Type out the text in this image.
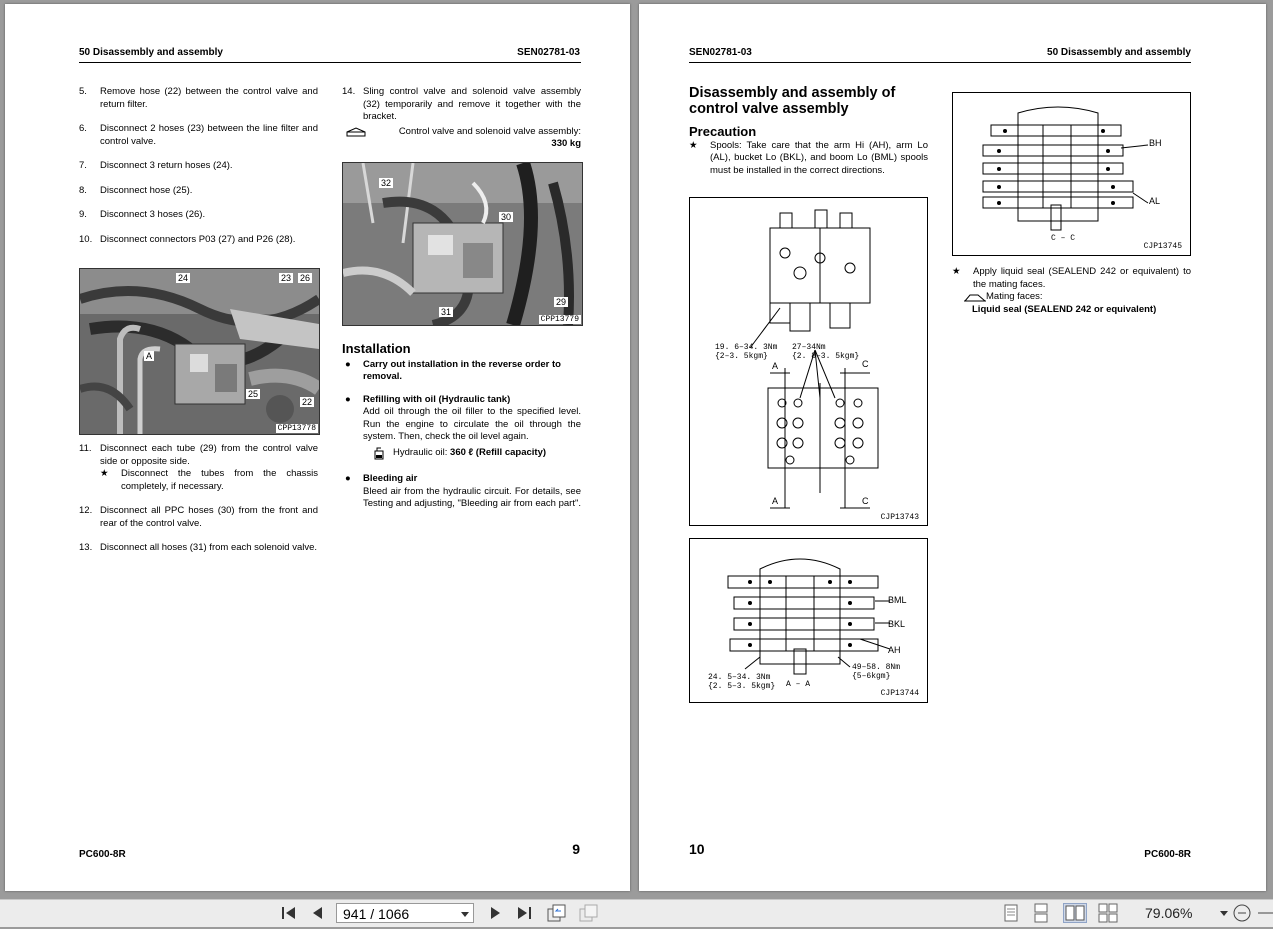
50 Disassembly and assembly	SEN02781-03
5. Remove hose (22) between the control valve and return filter.
6. Disconnect 2 hoses (23) between the line filter and control valve.
7. Disconnect 3 return hoses (24).
8. Disconnect hose (25).
9. Disconnect 3 hoses (26).
10. Disconnect connectors P03 (27) and P26 (28).
24	23 26
A
25
22
CPP13778
11. Disconnect each tube (29) from the control valve side or opposite side.
★ Disconnect the tubes from the chassis completely, if necessary.
12. Disconnect all PPC hoses (30) from the front and rear of the control valve.
13. Disconnect all hoses (31) from each solenoid valve.
14. Sling control valve and solenoid valve assembly (32) temporarily and remove it together with the bracket.
Control valve and solenoid valve assembly:
330 kg
32
30
29
31
CPP13779
Installation
● Carry out installation in the reverse order to removal.
● Refilling with oil (Hydraulic tank)
Add oil through the oil filler to the specified level. Run the engine to circulate the oil through the system. Then, check the oil level again.
Hydraulic oil: 360 ℓ (Refill capacity)
● Bleeding air
Bleed air from the hydraulic circuit. For details, see Testing and adjusting, "Bleeding air from each part".
PC600-8R	9
SEN02781-03	50 Disassembly and assembly
Disassembly and assembly of control valve assembly
Precaution
★ Spools: Take care that the arm Hi (AH), arm Lo (AL), bucket Lo (BKL), and boom Lo (BML) spools must be installed in the correct directions.
19. 6–34. 3Nm
{2–3. 5kgm}
27–34Nm
{2. 8–3. 5kgm}
A	C
A	C
CJP13743
BML
BKL
AH
49–58. 8Nm
{5–6kgm}
24. 5–34. 3Nm
{2. 5–3. 5kgm} A – A
CJP13744
BH
AL
C – C
CJP13745
★ Apply liquid seal (SEALEND 242 or equivalent) to the mating faces.
Mating faces:
Liquid seal (SEALEND 242 or equivalent)
10	PC600-8R
941 / 1066	79.06%
